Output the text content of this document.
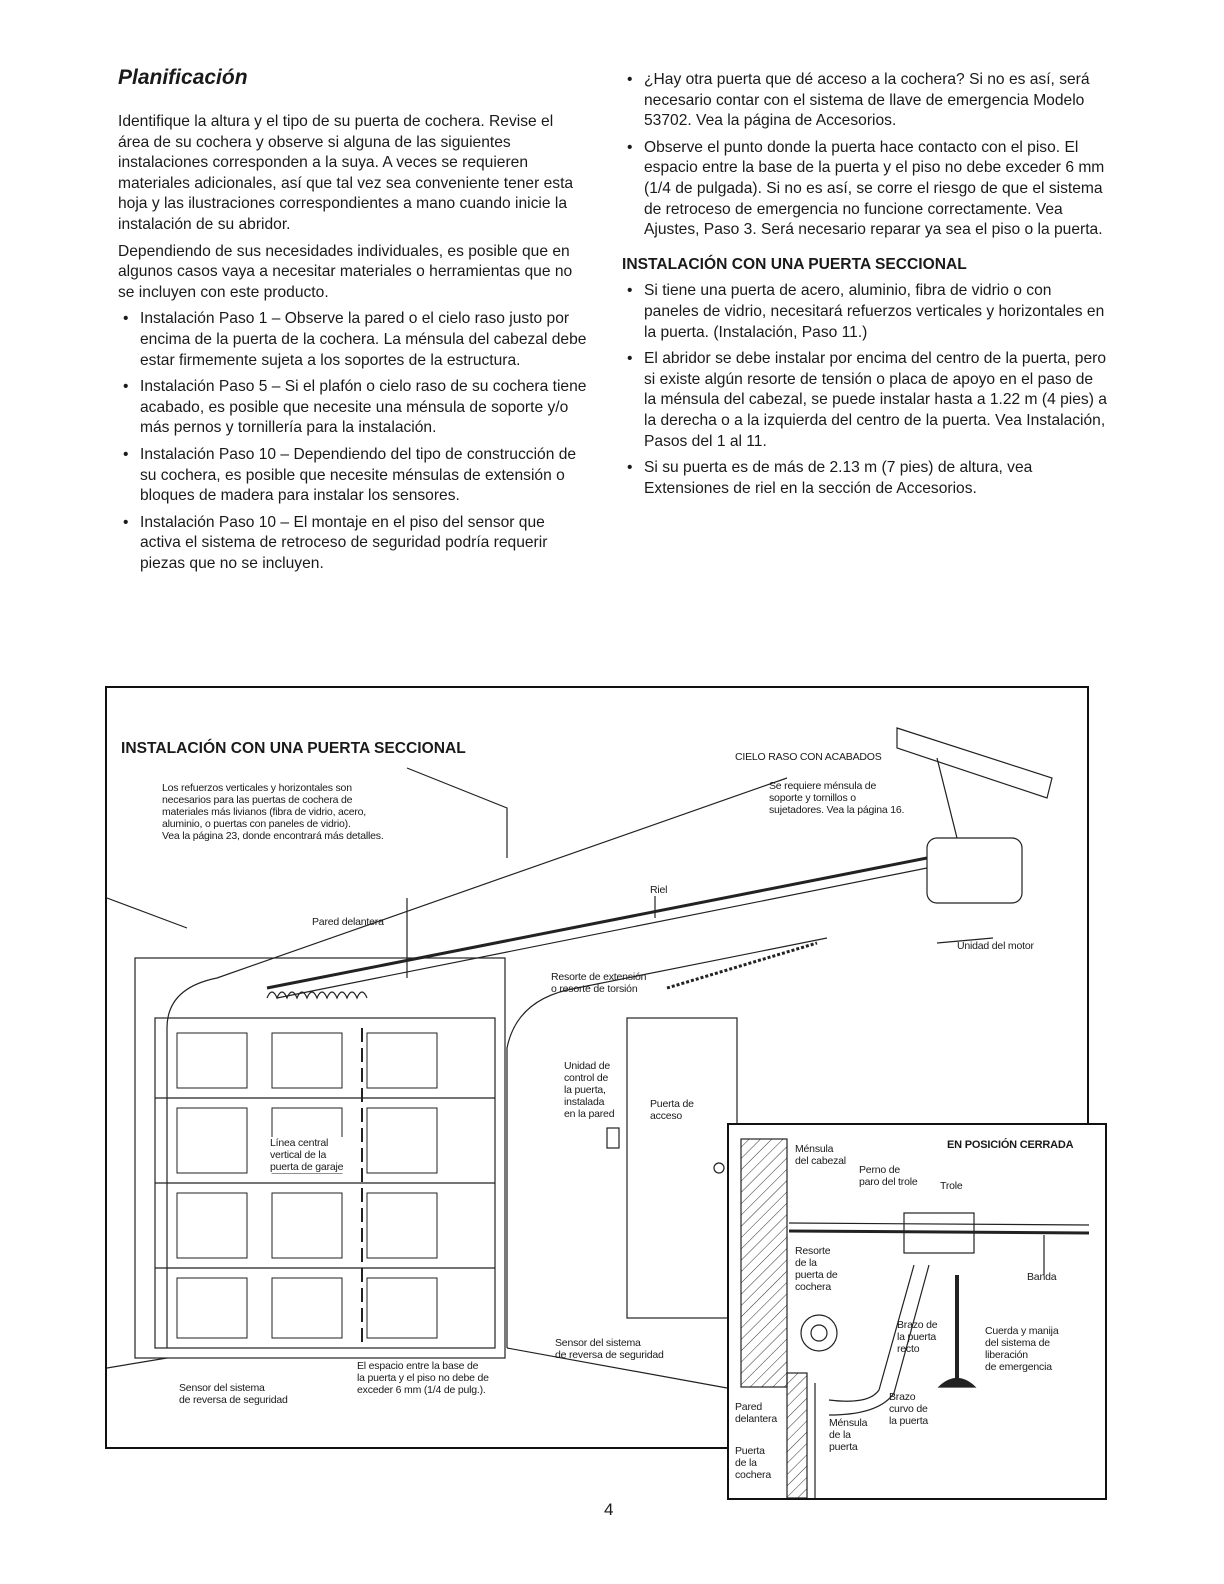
Planificación

Identifique la altura y el tipo de su puerta de cochera. Revise el área de su cochera y observe si alguna de las siguientes instalaciones corresponden a la suya. A veces se requieren materiales adicionales, así que tal vez sea conveniente tener esta hoja y las ilustraciones correspondientes a mano cuando inicie la instalación de su abridor.

Dependiendo de sus necesidades individuales, es posible que en algunos casos vaya a necesitar materiales o herramientas que no se incluyen con este producto.

• Instalación Paso 1 – Observe la pared o el cielo raso justo por encima de la puerta de la cochera. La ménsula del cabezal debe estar firmemente sujeta a los soportes de la estructura.
• Instalación Paso 5 – Si el plafón o cielo raso de su cochera tiene acabado, es posible que necesite una ménsula de soporte y/o más pernos y tornillería para la instalación.
• Instalación Paso 10 – Dependiendo del tipo de construcción de su cochera, es posible que necesite ménsulas de extensión o bloques de madera para instalar los sensores.
• Instalación Paso 10 – El montaje en el piso del sensor que activa el sistema de retroceso de seguridad podría requerir piezas que no se incluyen.
• ¿Hay otra puerta que dé acceso a la cochera? Si no es así, será necesario contar con el sistema de llave de emergencia Modelo 53702. Vea la página de Accesorios.
• Observe el punto donde la puerta hace contacto con el piso. El espacio entre la base de la puerta y el piso no debe exceder 6 mm (1/4 de pulgada). Si no es así, se corre el riesgo de que el sistema de retroceso de emergencia no funcione correctamente. Vea Ajustes, Paso 3. Será necesario reparar ya sea el piso o la puerta.
INSTALACIÓN CON UNA PUERTA SECCIONAL
• Si tiene una puerta de acero, aluminio, fibra de vidrio o con paneles de vidrio, necesitará refuerzos verticales y horizontales en la puerta. (Instalación, Paso 11.)
• El abridor se debe instalar por encima del centro de la puerta, pero si existe algún resorte de tensión o placa de apoyo en el paso de la ménsula del cabezal, se puede instalar hasta a 1.22 m (4 pies) a la derecha o a la izquierda del centro de la puerta. Vea Instalación, Pasos del 1 al 11.
• Si su puerta es de más de 2.13 m (7 pies) de altura, vea Extensiones de riel en la sección de Accesorios.
INSTALACIÓN CON UNA PUERTA SECCIONAL
Los refuerzos verticales y horizontales son
necesarios para las puertas de cochera de
materiales más livianos (fibra de vidrio, acero,
aluminio, o puertas con paneles de vidrio).
Vea la página 23, donde encontrará más detalles.
Pared delantera
CIELO RASO CON ACABADOS
Se requiere ménsula de
soporte y tornillos o
sujetadores. Vea la página 16.
Riel
Unidad del motor
Resorte de extensión
o resorte de torsión
Unidad de
control de
la puerta,
instalada
en la pared
Puerta de
acceso
Línea central
vertical de la
puerta de garaje
Sensor del sistema
de reversa de seguridad
El espacio entre la base de
la puerta y el piso no debe de
exceder 6 mm (1/4 de pulg.).
Sensor del sistema
de reversa de seguridad
EN POSICIÓN CERRADA
Ménsula
del cabezal
Perno de
paro del trole Trole
Resorte
de la
puerta de
cochera
Banda
Brazo de
la puerta
recto
Cuerda y manija
del sistema de
liberación
de emergencia
Brazo
curvo de
la puerta
Pared
delantera	Ménsula
de la
puerta
Puerta
de la
cochera
4
